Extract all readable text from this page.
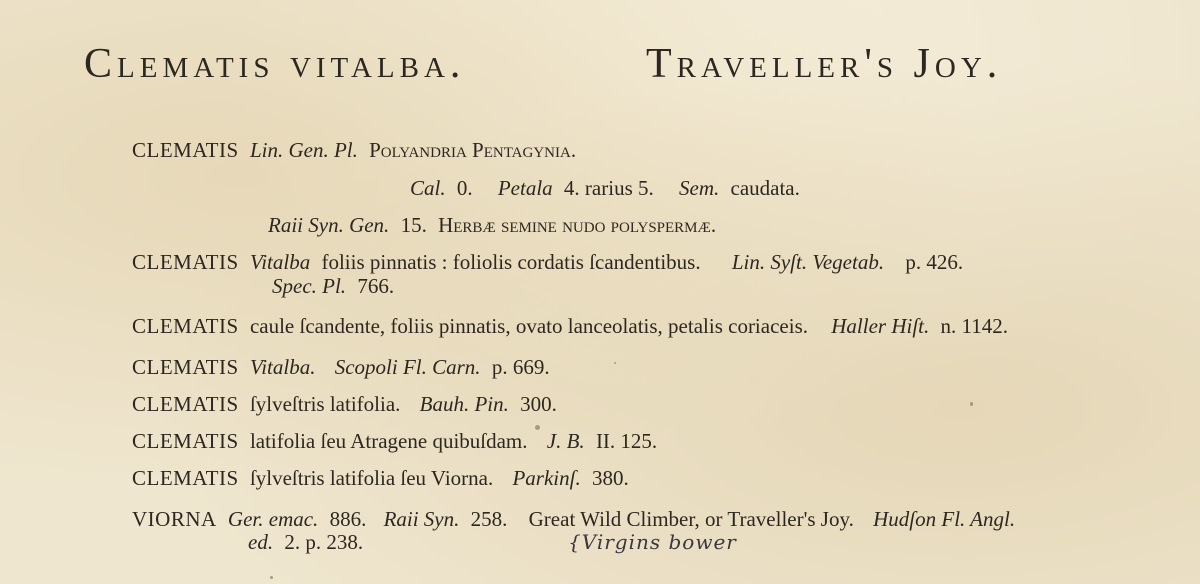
Clematis vitalba.	Traveller's Joy.
CLEMATIS Lin. Gen. Pl. Polyandria Pentagynia.
Cal. 0. Petala 4. rarius 5. Sem. caudata.
Raii Syn. Gen. 15. Herbæ semine nudo polyspermæ.
CLEMATIS Vitalba foliis pinnatis : foliolis cordatis ſcandentibus. Lin. Syſt. Vegetab. p. 426.
Spec. Pl. 766.
CLEMATIS caule ſcandente, foliis pinnatis, ovato lanceolatis, petalis coriaceis. Haller Hiſt. n. 1142.
CLEMATIS Vitalba. Scopoli Fl. Carn. p. 669.
CLEMATIS ſylveſtris latifolia. Bauh. Pin. 300.
CLEMATIS latifolia ſeu Atragene quibuſdam. J. B. II. 125.
CLEMATIS ſylveſtris latifolia ſeu Viorna. Parkinſ. 380.
VIORNA Ger. emac. 886. Raii Syn. 258. Great Wild Climber, or Traveller's Joy. Hudſon Fl. Angl.
ed. 2. p. 238.	{Virgins bower
